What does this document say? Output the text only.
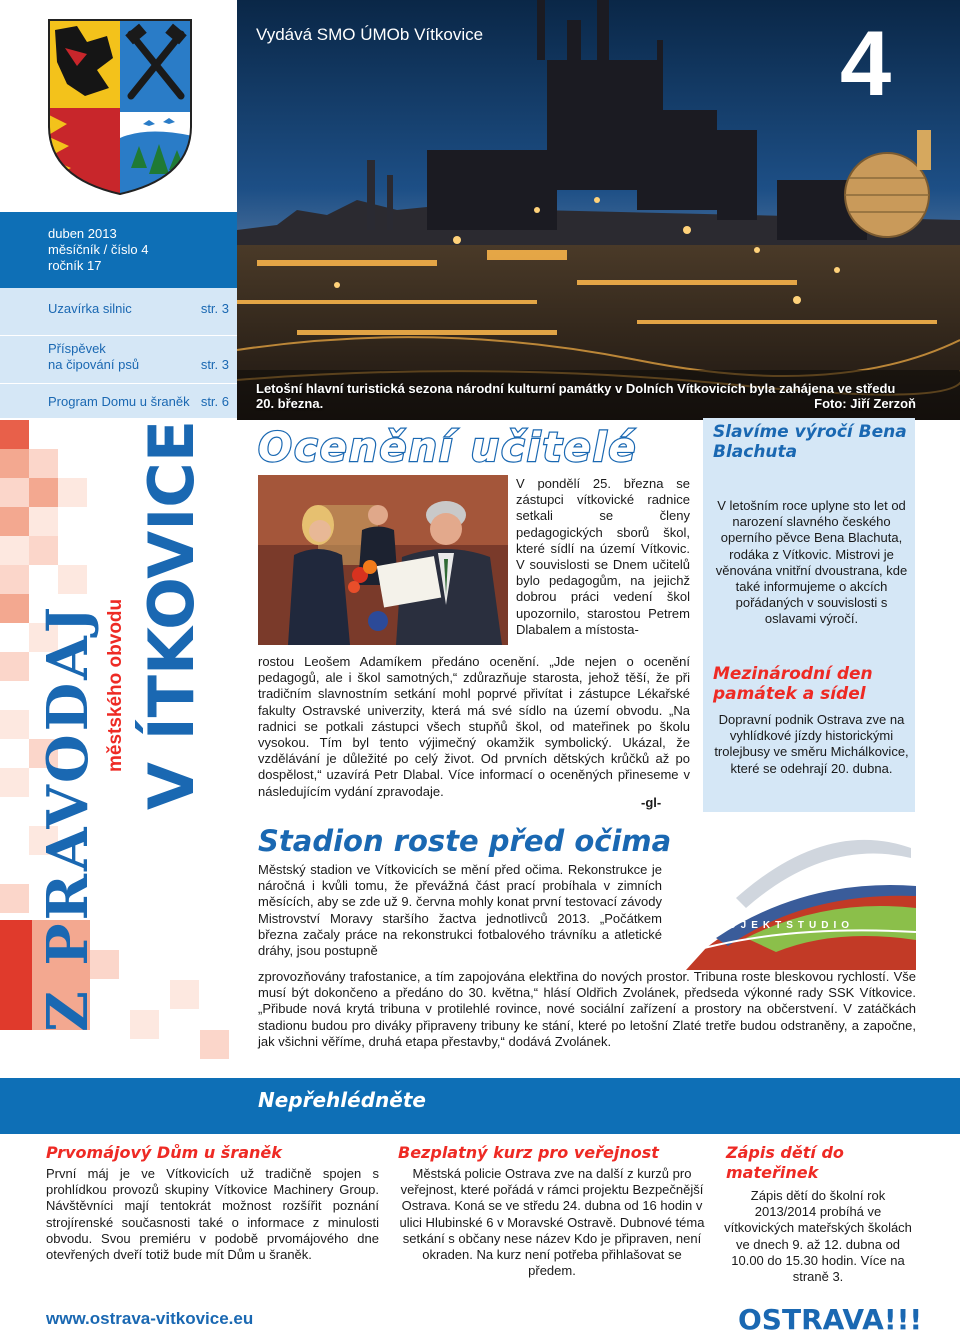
duben 2013
měsíčník / číslo 4
ročník 17
Uzavírka silnic	str. 3
Příspěvek
na čipování psů	str. 3
Program Domu u šraněk str. 6
Z PRAVODAJ městského obvodu V ÍTKOVICE
Vydává SMO ÚMOb Vítkovice	4
Letošní hlavní turistická sezona národní kulturní památky v Dolních Vítkovicích byla zahájena ve středu 20. března.	Foto: Jiří Zerzoň
Ocenění učitelé
V pondělí 25. března se zástupci vítkovické radnice setkali se členy pedagogických sborů škol, které sídlí na území Vítkovic. V souvislosti se Dnem učitelů bylo pedagogům, na jejichž dobrou práci vedení škol upozornilo, starostou Petrem Dlabalem a místosta-
rostou Leošem Adamíkem předáno ocenění. „Jde nejen o ocenění pedagogů, ale i škol samotných,“ zdůrazňuje starosta, jehož těší, že při tradičním slavnostním setkání mohl poprvé přivítat i zástupce Lékařské fakulty Ostravské univerzity, která má své sídlo na území obvodu. „Na radnici se potkali zástupci všech stupňů škol, od mateřinek po školu vysokou. Tím byl tento výjimečný okamžik symbolický. Ukázal, že vzdělávání je důležité po celý život. Od prvních dětských krůčků až po dospělost,“ uzavírá Petr Dlabal. Více informací o oceněných přineseme v následujícím vydání zpravodaje.
-gl-
Slavíme výročí Bena Blachuta
V letošním roce uplyne sto let od narození slavného českého operního pěvce Bena Blachuta, rodáka z Vítkovic. Mistrovi je věnována vnitřní dvoustrana, kde také informujeme o akcích pořádaných v souvislosti s oslavami výročí.
Mezinárodní den památek a sídel
Dopravní podnik Ostrava zve na vyhlídkové jízdy historickými trolejbusy ve směru Michálkovice, které se odehrají 20. dubna.
Stadion roste před očima
PROJEKTSTUDIO
Městský stadion ve Vítkovicích se mění před očima. Rekonstrukce je náročná i kvůli tomu, že převážná část prací probíhala v zimních měsících, aby se zde už 9. června mohly konat první testovací závody Mistrovství Moravy staršího žactva jednotlivců 2013. „Počátkem března začaly práce na rekonstrukci fotbalového trávníku a atletické dráhy, jsou postupně
zprovozňovány trafostanice, a tím zapojována elektřina do nových prostor. Tribuna roste bleskovou rychlostí. Vše musí být dokončeno a předáno do 30. května,“ hlásí Oldřich Zvolánek, předseda výkonné rady SSK Vítkovice. „Přibude nová krytá tribuna v protilehlé rovince, nové sociální zařízení a prostory na občerstvení. V zatáčkách stadionu budou pro diváky připraveny tribuny ke stání, které po letošní Zlaté tretře budou odstraněny, a započne, jak všichni věříme, druhá etapa přestavby,“ dodává Zvolánek.
Nepřehlédněte
Prvomájový Dům u šraněk
První máj je ve Vítkovicích už tradičně spojen s prohlídkou provozů skupiny Vítkovice Machinery Group. Návštěvníci mají tentokrát možnost rozšířit poznání strojírenské současnosti také o informace z minulosti obvodu. Svou premiéru v podobě prvomájového dne otevřených dveří totiž bude mít Dům u šraněk.
Bezplatný kurz pro veřejnost
Městská policie Ostrava zve na další z kurzů pro veřejnost, které pořádá v rámci projektu Bezpečnější Ostrava. Koná se ve středu 24. dubna od 16 hodin v ulici Hlubinské 6 v Moravské Ostravě. Dubnové téma setkání s občany nese název Kdo je připraven, není okraden. Na kurz není potřeba přihlašovat se předem.
Zápis dětí do mateřinek
Zápis dětí do školní rok 2013/2014 probíhá ve vítkovických mateřských školách ve dnech 9. až 12. dubna od 10.00 do 15.30 hodin. Více na straně 3.
www.ostrava-vitkovice.eu	OSTRAVA!!!
